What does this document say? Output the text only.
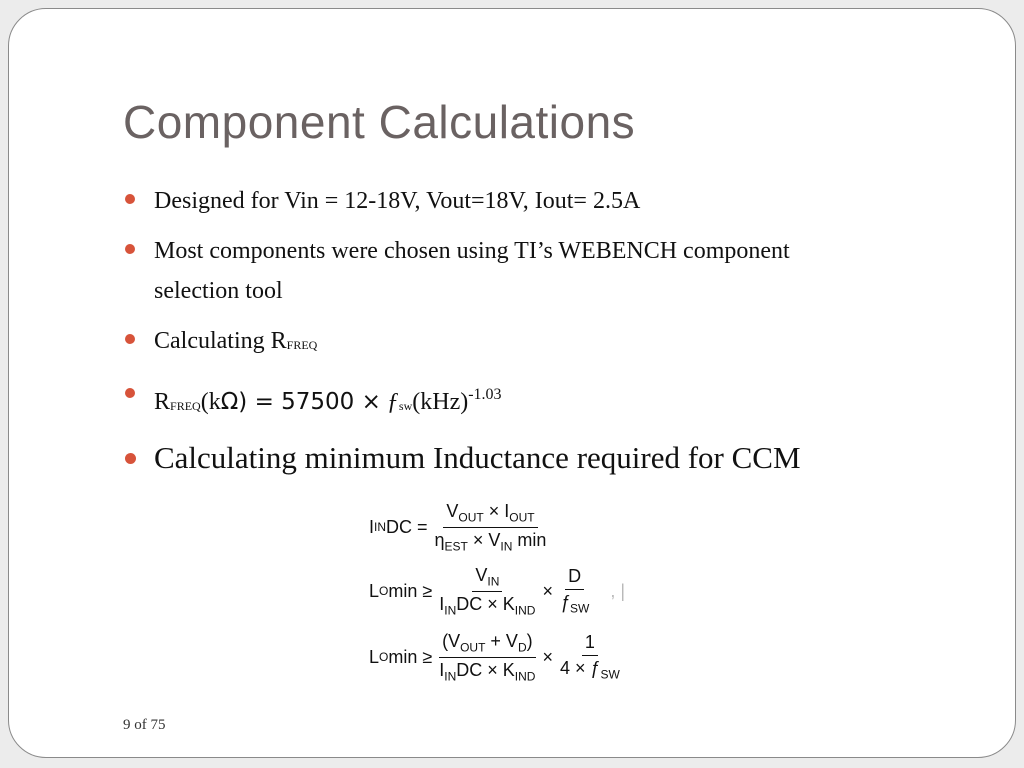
Component Calculations
Designed for Vin = 12-18V, Vout=18V, Iout= 2.5A
Most components were chosen using TI’s WEBENCH component
selection tool
Calculating RFREQ
RFREQ(kΩ) = 57500 × ƒsw(kHz)$^{-1.03}$
Calculating minimum Inductance required for CCM
I IN DC = $\frac{V_{OUT} \times I_{OUT}}{\eta_{EST} \times V_{IN} \min}$
L O $\min \ge \frac{V_{IN}}{I_{IN}DC \times K_{IND}} \times \frac{D}{ƒ_{SW}}$ , |
L O $\min \ge \frac{(V_{OUT} + V_D)}{I_{IN}DC \times K_{IND}} \times \frac{1}{4 \times ƒ_{SW}}$
9 of 75
